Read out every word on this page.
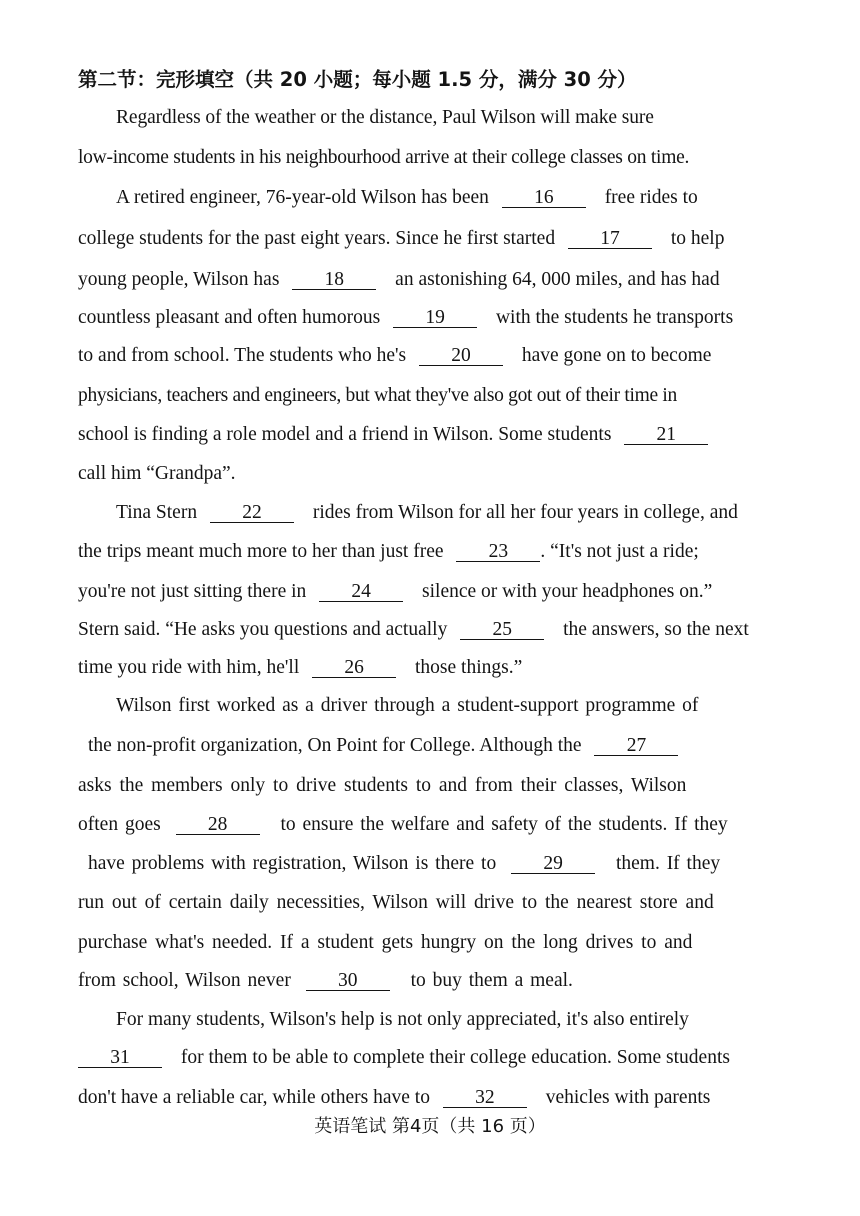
第二节：完形填空（共 20 小题；每小题 1.5 分，满分 30 分）
Regardless of the weather or the distance, Paul Wilson will make sure
low-income students in his neighbourhood arrive at their college classes on time.
A retired engineer, 76-year-old Wilson has been 16	free rides to
college students for the past eight years. Since he first started 17	to help
young people, Wilson has 18	an astonishing 64, 000 miles, and has had
countless pleasant and often humorous 19	with the students he transports
to and from school. The students who he's 20	have gone on to become
physicians, teachers and engineers, but what they've also got out of their time in
school is finding a role model and a friend in Wilson. Some students 21
call him “Grandpa”.
Tina Stern 22	rides from Wilson for all her four years in college, and
the trips meant much more to her than just free 23 . “It's not just a ride;
you're not just sitting there in 24	silence or with your headphones on.”
Stern said. “He asks you questions and actually 25	the answers, so the next
time you ride with him, he'll 26	those things.”
Wilson first worked as a driver through a student-support programme of
the non-profit organization, On Point for College. Although the 27
asks the members only to drive students to and from their classes, Wilson
often goes 28	to ensure the welfare and safety of the students. If they
have problems with registration, Wilson is there to 29	them. If they
run out of certain daily necessities, Wilson will drive to the nearest store and
purchase what's needed. If a student gets hungry on the long drives to and
from school, Wilson never 30	to buy them a meal.
For many students, Wilson's help is not only appreciated, it's also entirely
31	for them to be able to complete their college education. Some students
don't have a reliable car, while others have to 32	vehicles with parents
英语笔试 第4页（共 16 页）
